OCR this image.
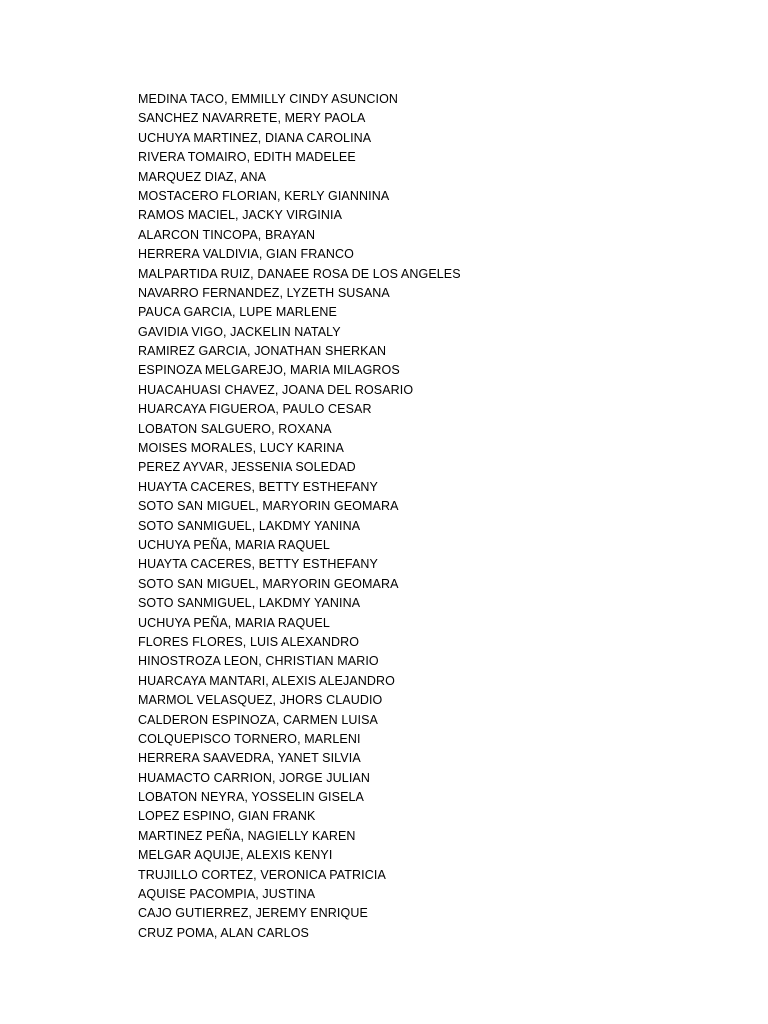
MEDINA TACO, EMMILLY CINDY ASUNCION
SANCHEZ NAVARRETE, MERY PAOLA
UCHUYA MARTINEZ, DIANA CAROLINA
RIVERA TOMAIRO, EDITH MADELEE
MARQUEZ DIAZ, ANA
MOSTACERO FLORIAN, KERLY GIANNINA
RAMOS MACIEL, JACKY VIRGINIA
ALARCON TINCOPA, BRAYAN
HERRERA VALDIVIA, GIAN FRANCO
MALPARTIDA RUIZ, DANAEE ROSA DE LOS ANGELES
NAVARRO FERNANDEZ, LYZETH SUSANA
PAUCA GARCIA, LUPE MARLENE
GAVIDIA VIGO, JACKELIN NATALY
RAMIREZ GARCIA, JONATHAN SHERKAN
ESPINOZA MELGAREJO, MARIA MILAGROS
HUACAHUASI CHAVEZ, JOANA DEL ROSARIO
HUARCAYA FIGUEROA, PAULO CESAR
LOBATON SALGUERO, ROXANA
MOISES MORALES, LUCY KARINA
PEREZ AYVAR, JESSENIA SOLEDAD
HUAYTA CACERES, BETTY ESTHEFANY
SOTO SAN MIGUEL, MARYORIN GEOMARA
SOTO SANMIGUEL, LAKDMY YANINA
UCHUYA PEÑA, MARIA RAQUEL
HUAYTA CACERES, BETTY ESTHEFANY
SOTO SAN MIGUEL, MARYORIN GEOMARA
SOTO SANMIGUEL, LAKDMY YANINA
UCHUYA PEÑA, MARIA RAQUEL
FLORES FLORES, LUIS ALEXANDRO
HINOSTROZA LEON, CHRISTIAN MARIO
HUARCAYA MANTARI, ALEXIS ALEJANDRO
MARMOL VELASQUEZ, JHORS CLAUDIO
CALDERON ESPINOZA, CARMEN LUISA
COLQUEPISCO TORNERO, MARLENI
HERRERA SAAVEDRA, YANET SILVIA
HUAMACTO CARRION, JORGE JULIAN
LOBATON NEYRA, YOSSELIN GISELA
LOPEZ ESPINO, GIAN FRANK
MARTINEZ PEÑA, NAGIELLY KAREN
MELGAR AQUIJE, ALEXIS KENYI
TRUJILLO CORTEZ, VERONICA PATRICIA
AQUISE PACOMPIA, JUSTINA
CAJO GUTIERREZ, JEREMY ENRIQUE
CRUZ POMA, ALAN CARLOS
